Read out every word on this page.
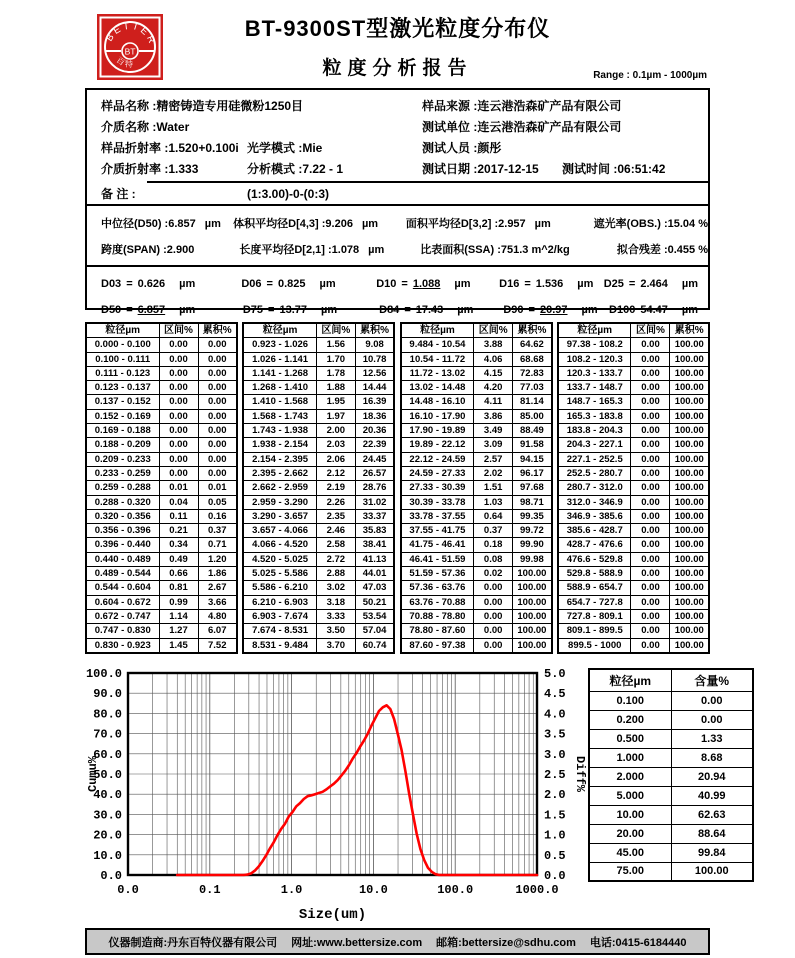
BETTER
BT
百 特
BT-9300ST型激光粒度分布仪
粒度分析报告	Range : 0.1µm - 1000µm
样品名称 :精密铸造专用硅微粉1250目	样品来源 :连云港浩森矿产品有限公司
介质名称 :Water	测试单位 :连云港浩森矿产品有限公司
样品折射率 :1.520+0.100i 光学模式 :Mie	测试人员 :颜彤
介质折射率 :1.333	分析模式 :7.22 - 1	测试日期 :2017-12-15	测试时间 :06:51:42
备 注 :	(1:3.00)-0-(0:3)
中位径(D50) :6.857 µm	体积平均径D[4,3] :9.206 µm	面积平均径D[3,2] :2.957 µm	遮光率(OBS.) :15.04 %
跨度(SPAN) :2.900	长度平均径D[2,1] :1.078 µm	比表面积(SSA) :751.3 m^2/kg	拟合残差 :0.455 %
D03 = 0.626 µm	D06 = 0.825 µm	D10 = 1.088 µm	D16 = 1.536 µm D25 = 2.464 µm
D50 = 6.857 µm	D75 = 13.77 µm	D84 = 17.43 µm	D90 = 20.97 µm D100 54.47 µm
粒径µm	区间%	累积%
0.000 - 0.100	0.00	0.00
0.100 - 0.111	0.00	0.00
0.111 - 0.123	0.00	0.00
0.123 - 0.137	0.00	0.00
0.137 - 0.152	0.00	0.00
0.152 - 0.169	0.00	0.00
0.169 - 0.188	0.00	0.00
0.188 - 0.209	0.00	0.00
0.209 - 0.233	0.00	0.00
0.233 - 0.259	0.00	0.00
0.259 - 0.288	0.01	0.01
0.288 - 0.320	0.04	0.05
0.320 - 0.356	0.11	0.16
0.356 - 0.396	0.21	0.37
0.396 - 0.440	0.34	0.71
0.440 - 0.489	0.49	1.20
0.489 - 0.544	0.66	1.86
0.544 - 0.604	0.81	2.67
0.604 - 0.672	0.99	3.66
0.672 - 0.747	1.14	4.80
0.747 - 0.830	1.27	6.07
0.830 - 0.923	1.45	7.52
粒径µm	区间%	累积%
0.923 - 1.026	1.56	9.08
1.026 - 1.141	1.70	10.78
1.141 - 1.268	1.78	12.56
1.268 - 1.410	1.88	14.44
1.410 - 1.568	1.95	16.39
1.568 - 1.743	1.97	18.36
1.743 - 1.938	2.00	20.36
1.938 - 2.154	2.03	22.39
2.154 - 2.395	2.06	24.45
2.395 - 2.662	2.12	26.57
2.662 - 2.959	2.19	28.76
2.959 - 3.290	2.26	31.02
3.290 - 3.657	2.35	33.37
3.657 - 4.066	2.46	35.83
4.066 - 4.520	2.58	38.41
4.520 - 5.025	2.72	41.13
5.025 - 5.586	2.88	44.01
5.586 - 6.210	3.02	47.03
6.210 - 6.903	3.18	50.21
6.903 - 7.674	3.33	53.54
7.674 - 8.531	3.50	57.04
8.531 - 9.484	3.70	60.74
粒径µm	区间%	累积%
9.484 - 10.54	3.88	64.62
10.54 - 11.72	4.06	68.68
11.72 - 13.02	4.15	72.83
13.02 - 14.48	4.20	77.03
14.48 - 16.10	4.11	81.14
16.10 - 17.90	3.86	85.00
17.90 - 19.89	3.49	88.49
19.89 - 22.12	3.09	91.58
22.12 - 24.59	2.57	94.15
24.59 - 27.33	2.02	96.17
27.33 - 30.39	1.51	97.68
30.39 - 33.78	1.03	98.71
33.78 - 37.55	0.64	99.35
37.55 - 41.75	0.37	99.72
41.75 - 46.41	0.18	99.90
46.41 - 51.59	0.08	99.98
51.59 - 57.36	0.02	100.00
57.36 - 63.76	0.00	100.00
63.76 - 70.88	0.00	100.00
70.88 - 78.80	0.00	100.00
78.80 - 87.60	0.00	100.00
87.60 - 97.38	0.00	100.00
粒径µm	区间%	累积%
97.38 - 108.2	0.00	100.00
108.2 - 120.3	0.00	100.00
120.3 - 133.7	0.00	100.00
133.7 - 148.7	0.00	100.00
148.7 - 165.3	0.00	100.00
165.3 - 183.8	0.00	100.00
183.8 - 204.3	0.00	100.00
204.3 - 227.1	0.00	100.00
227.1 - 252.5	0.00	100.00
252.5 - 280.7	0.00	100.00
280.7 - 312.0	0.00	100.00
312.0 - 346.9	0.00	100.00
346.9 - 385.6	0.00	100.00
385.6 - 428.7	0.00	100.00
428.7 - 476.6	0.00	100.00
476.6 - 529.8	0.00	100.00
529.8 - 588.9	0.00	100.00
588.9 - 654.7	0.00	100.00
654.7 - 727.8	0.00	100.00
727.8 - 809.1	0.00	100.00
809.1 - 899.5	0.00	100.00
899.5 - 1000	0.00	100.00
0.0	0.1	1.0	10.0	100.0	1000.0
0.0
10.0
20.0
30.0
40.0
50.0
60.0
70.0
80.0
90.0
100.0
0.0
0.5
1.0
1.5
2.0
2.5
3.0
3.5
4.0
4.5
5.0
Size(um)
Cumu%	Diff%
粒径µm	含量%
0.100	0.00
0.200	0.00
0.500	1.33
1.000	8.68
2.000	20.94
5.000	40.99
10.00	62.63
20.00	88.64
45.00	99.84
75.00	100.00
仪器制造商:丹东百特仪器有限公司 网址:www.bettersize.com 邮箱:bettersize@sdhu.com 电话:0415-6184440
